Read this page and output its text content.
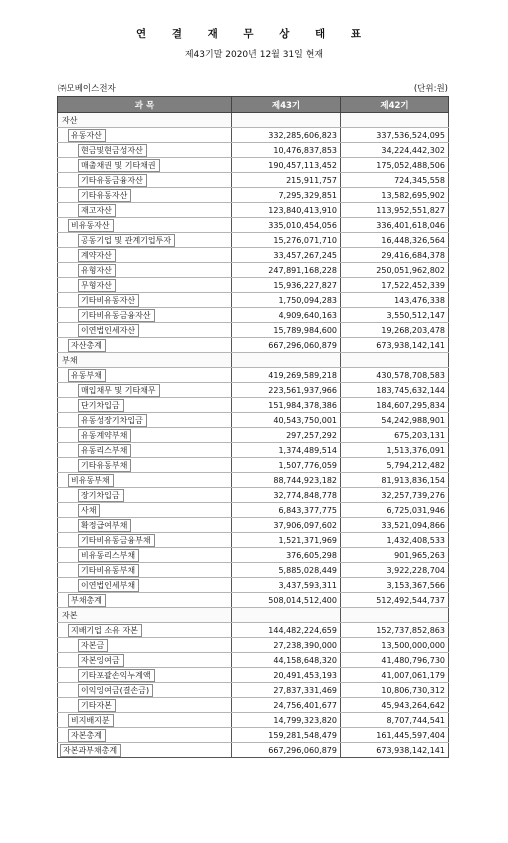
연 결 재 무 상 태 표
제43기말 2020년 12월 31일 현재
㈜모베이스전자	(단위:원)
과 목	제43기	제42기
자산		
유동자산	332,285,606,823	337,536,524,095
현금및현금성자산	10,476,837,853	34,224,442,302
매출채권 및 기타채권	190,457,113,452	175,052,488,506
기타유동금융자산	215,911,757	724,345,558
기타유동자산	7,295,329,851	13,582,695,902
재고자산	123,840,413,910	113,952,551,827
비유동자산	335,010,454,056	336,401,618,046
공동기업 및 관계기업투자	15,276,071,710	16,448,326,564
계약자산	33,457,267,245	29,416,684,378
유형자산	247,891,168,228	250,051,962,802
무형자산	15,936,227,827	17,522,452,339
기타비유동자산	1,750,094,283	143,476,338
기타비유동금융자산	4,909,640,163	3,550,512,147
이연법인세자산	15,789,984,600	19,268,203,478
자산총계	667,296,060,879	673,938,142,141
부채		
유동부채	419,269,589,218	430,578,708,583
매입채무 및 기타채무	223,561,937,966	183,745,632,144
단기차입금	151,984,378,386	184,607,295,834
유동성장기차입금	40,543,750,001	54,242,988,901
유동계약부채	297,257,292	675,203,131
유동리스부채	1,374,489,514	1,513,376,091
기타유동부채	1,507,776,059	5,794,212,482
비유동부채	88,744,923,182	81,913,836,154
장기차입금	32,774,848,778	32,257,739,276
사채	6,843,377,775	6,725,031,946
확정급여부채	37,906,097,602	33,521,094,866
기타비유동금융부채	1,521,371,969	1,432,408,533
비유동리스부채	376,605,298	901,965,263
기타비유동부채	5,885,028,449	3,922,228,704
이연법인세부채	3,437,593,311	3,153,367,566
부채총계	508,014,512,400	512,492,544,737
자본		
지배기업 소유 자본	144,482,224,659	152,737,852,863
자본금	27,238,390,000	13,500,000,000
자본잉여금	44,158,648,320	41,480,796,730
기타포괄손익누계액	20,491,453,193	41,007,061,179
이익잉여금(결손금)	27,837,331,469	10,806,730,312
기타자본	24,756,401,677	45,943,264,642
비지배지분	14,799,323,820	8,707,744,541
자본총계	159,281,548,479	161,445,597,404
자본과부채총계	667,296,060,879	673,938,142,141
